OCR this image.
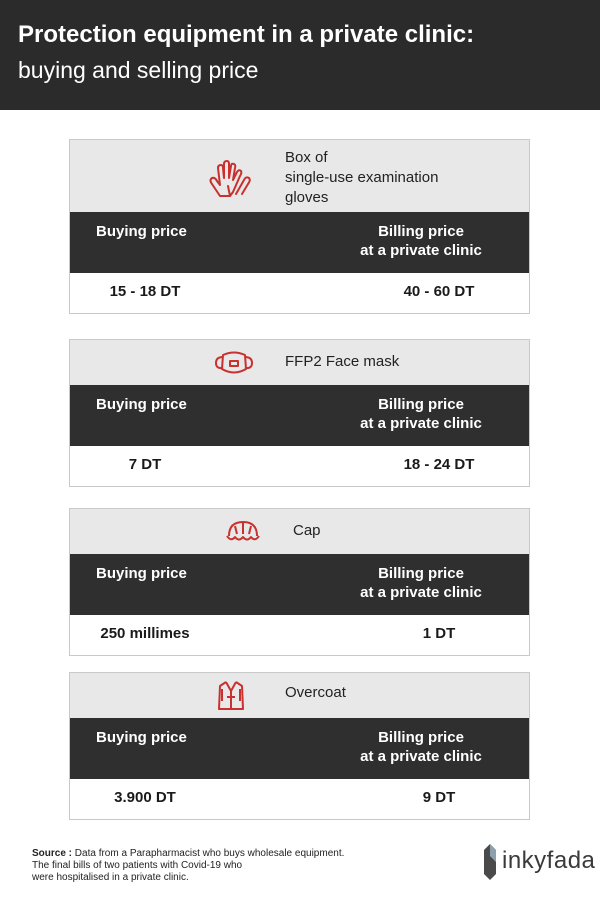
Protection equipment in a private clinic:
buying and selling price
Box of
single-use examination
gloves
Buying price	Billing price
at a private clinic
15 - 18 DT	40 - 60 DT
FFP2 Face mask
Buying price	Billing price
at a private clinic
7 DT	18 - 24 DT
Cap
Buying price	Billing price
at a private clinic
250 millimes	1 DT
Overcoat
Buying price	Billing price
at a private clinic
3.900 DT	9 DT
Source : Data from a Parapharmacist who buys wholesale equipment.
The final bills of two patients with Covid-19 who
were hospitalised in a private clinic.
inkyfada
